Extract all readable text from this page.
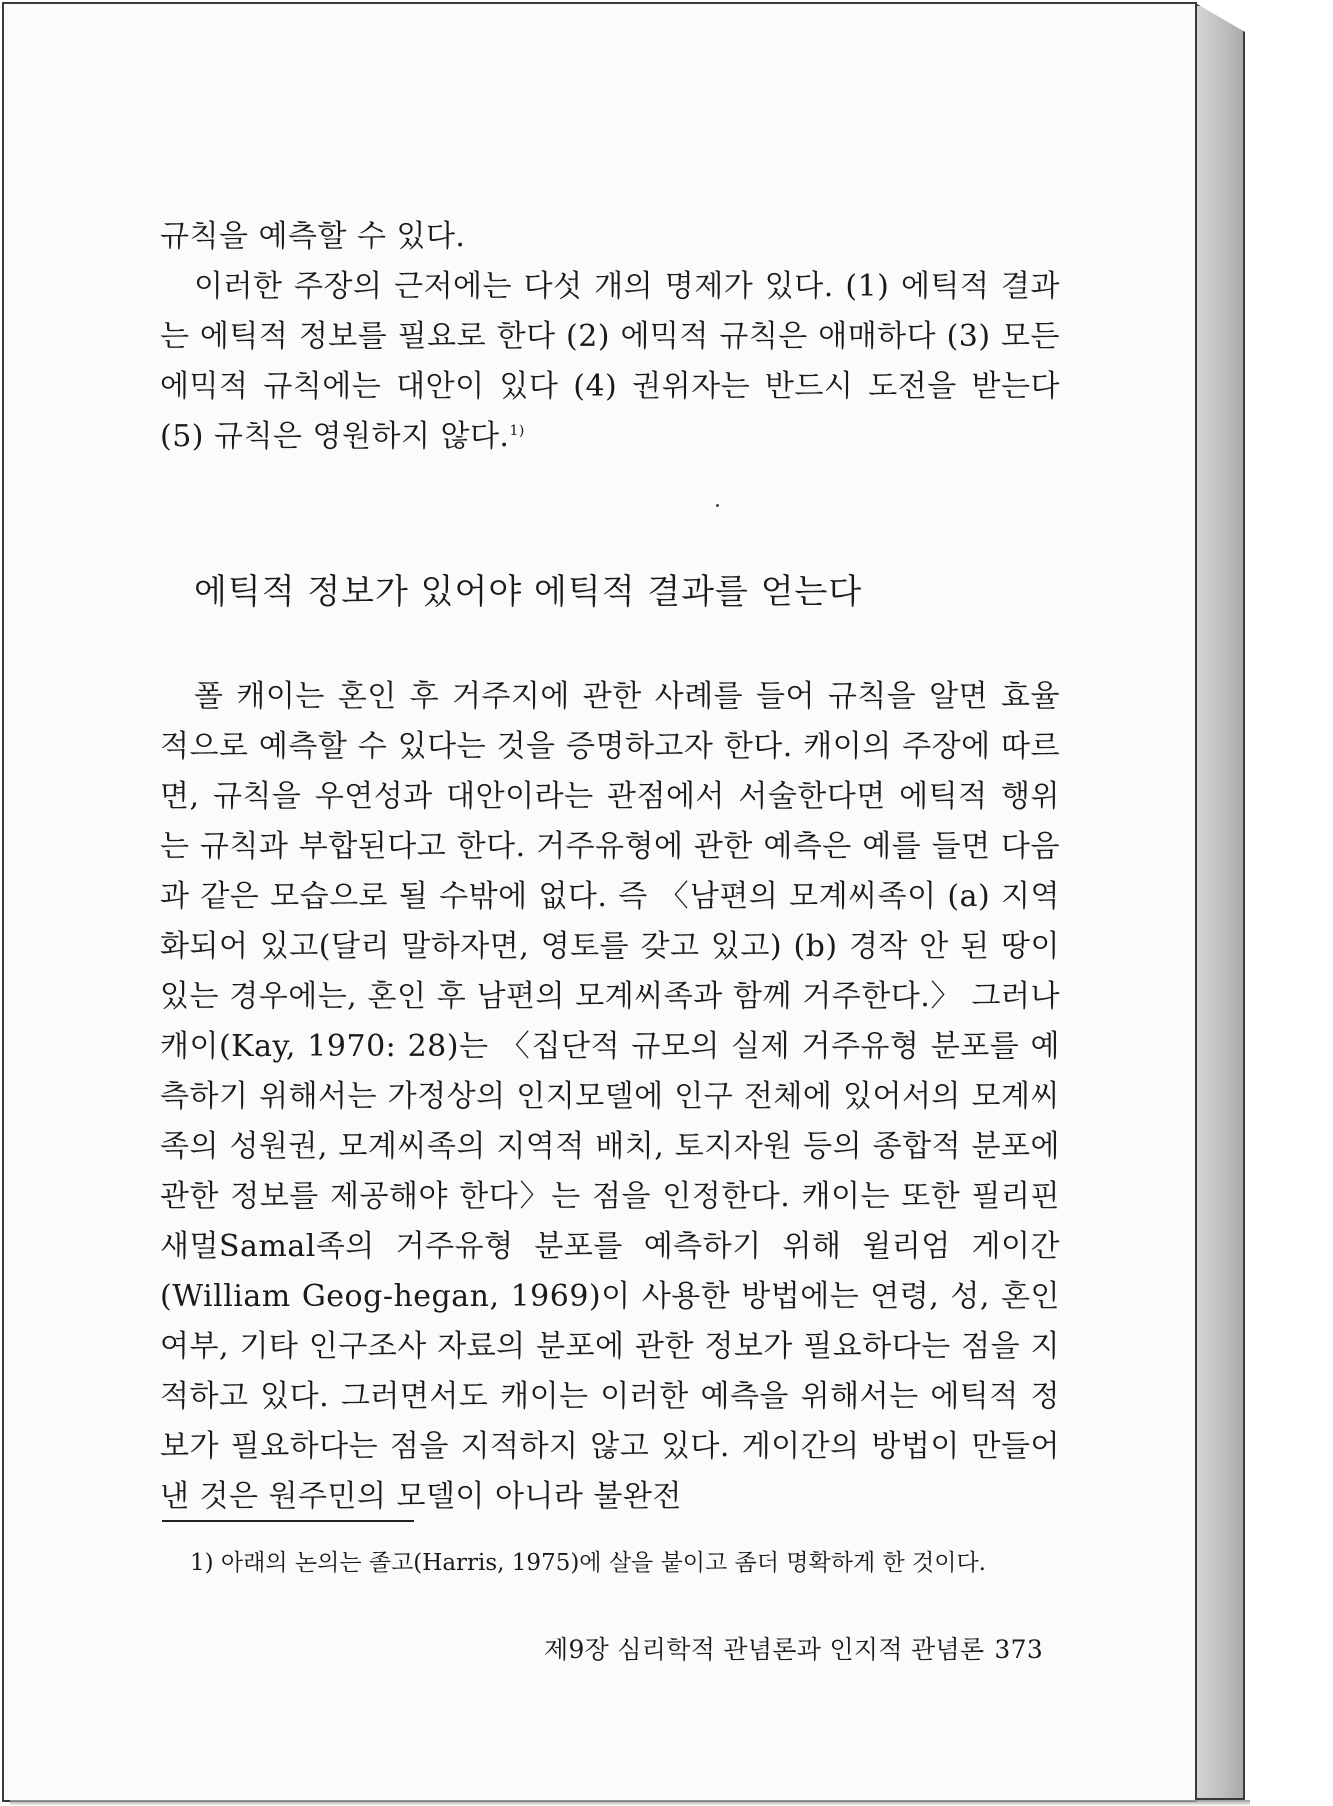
규칙을 예측할 수 있다.

이러한 주장의 근저에는 다섯 개의 명제가 있다. (1) 에틱적 결과는 에틱적 정보를 필요로 한다 (2) 에믹적 규칙은 애매하다 (3) 모든 에믹적 규칙에는 대안이 있다 (4) 권위자는 반드시 도전을 받는다 (5) 규칙은 영원하지 않다.$^{1)}$

에틱적 정보가 있어야 에틱적 결과를 얻는다

폴 캐이는 혼인 후 거주지에 관한 사례를 들어 규칙을 알면 효율적으로 예측할 수 있다는 것을 증명하고자 한다. 캐이의 주장에 따르면, 규칙을 우연성과 대안이라는 관점에서 서술한다면 에틱적 행위는 규칙과 부합된다고 한다. 거주유형에 관한 예측은 예를 들면 다음과 같은 모습으로 될 수밖에 없다. 즉 〈남편의 모계씨족이 (a) 지역화되어 있고(달리 말하자면, 영토를 갖고 있고) (b) 경작 안 된 땅이 있는 경우에는, 혼인 후 남편의 모계씨족과 함께 거주한다.〉 그러나 캐이(Kay, 1970: 28)는 〈집단적 규모의 실제 거주유형 분포를 예측하기 위해서는 가정상의 인지모델에 인구 전체에 있어서의 모계씨족의 성원권, 모계씨족의 지역적 배치, 토지자원 등의 종합적 분포에 관한 정보를 제공해야 한다〉는 점을 인정한다. 캐이는 또한 필리핀 새멀Samal족의 거주유형 분포를 예측하기 위해 윌리엄 게이간(William Geog-hegan, 1969)이 사용한 방법에는 연령, 성, 혼인여부, 기타 인구조사 자료의 분포에 관한 정보가 필요하다는 점을 지적하고 있다. 그러면서도 캐이는 이러한 예측을 위해서는 에틱적 정보가 필요하다는 점을 지적하지 않고 있다. 게이간의 방법이 만들어 낸 것은 원주민의 모델이 아니라 불완전

1) 아래의 논의는 졸고(Harris, 1975)에 살을 붙이고 좀더 명확하게 한 것이다.

제9장 심리학적 관념론과 인지적 관념론 373
